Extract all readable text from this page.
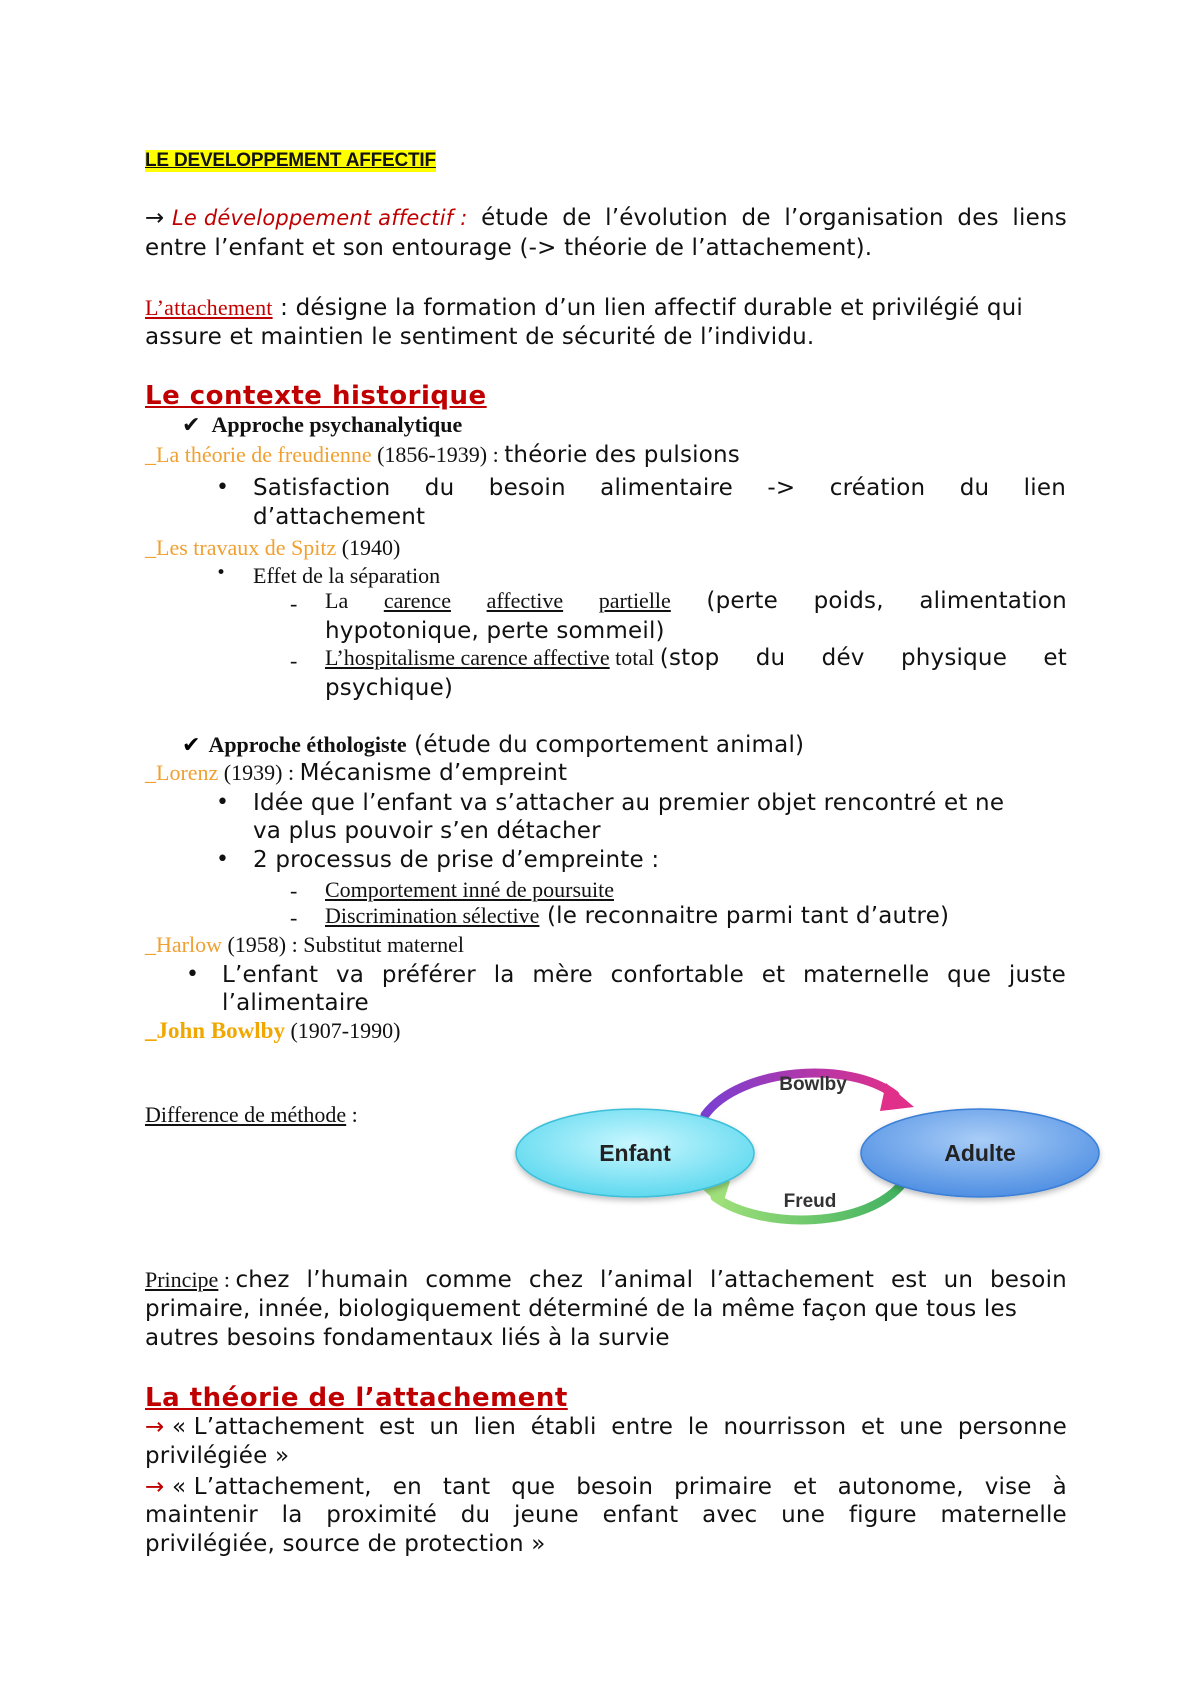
LE DEVELOPPEMENT AFFECTIF
→ Le développement affectif : étude de l’évolution de l’organisation des liens
entre l’enfant et son entourage (-> théorie de l’attachement).
L’attachement : désigne la formation d’un lien affectif durable et privilégié qui
assure et maintien le sentiment de sécurité de l’individu.
Le contexte historique
✔ Approche psychanalytique
_La théorie de freudienne (1856-1939) : théorie des pulsions
• Satisfaction du besoin alimentaire -> création du lien
d’attachement
_Les travaux de Spitz (1940)
• Effet de la séparation
- La carence affective partielle (perte poids, alimentation
hypotonique, perte sommeil)
- L’hospitalisme carence affective total (stop du dév physique et
psychique)
✔ Approche éthologiste (étude du comportement animal)
_Lorenz (1939) : Mécanisme d’empreint
• Idée que l’enfant va s’attacher au premier objet rencontré et ne
va plus pouvoir s’en détacher
• 2 processus de prise d’empreinte :
- Comportement inné de poursuite
- Discrimination sélective (le reconnaitre parmi tant d’autre)
_Harlow (1958) : Substitut maternel
• L’enfant va préférer la mère confortable et maternelle que juste
l’alimentaire
_John Bowlby (1907-1990)
Difference de méthode :
Enfant	Adulte
Bowlby
Freud
Principe : chez l’humain comme chez l’animal l’attachement est un besoin
primaire, innée, biologiquement déterminé de la même façon que tous les
autres besoins fondamentaux liés à la survie
La théorie de l’attachement
→ « L’attachement est un lien établi entre le nourrisson et une personne
privilégiée »
→ « L’attachement, en tant que besoin primaire et autonome, vise à
maintenir la proximité du jeune enfant avec une figure maternelle
privilégiée, source de protection »
